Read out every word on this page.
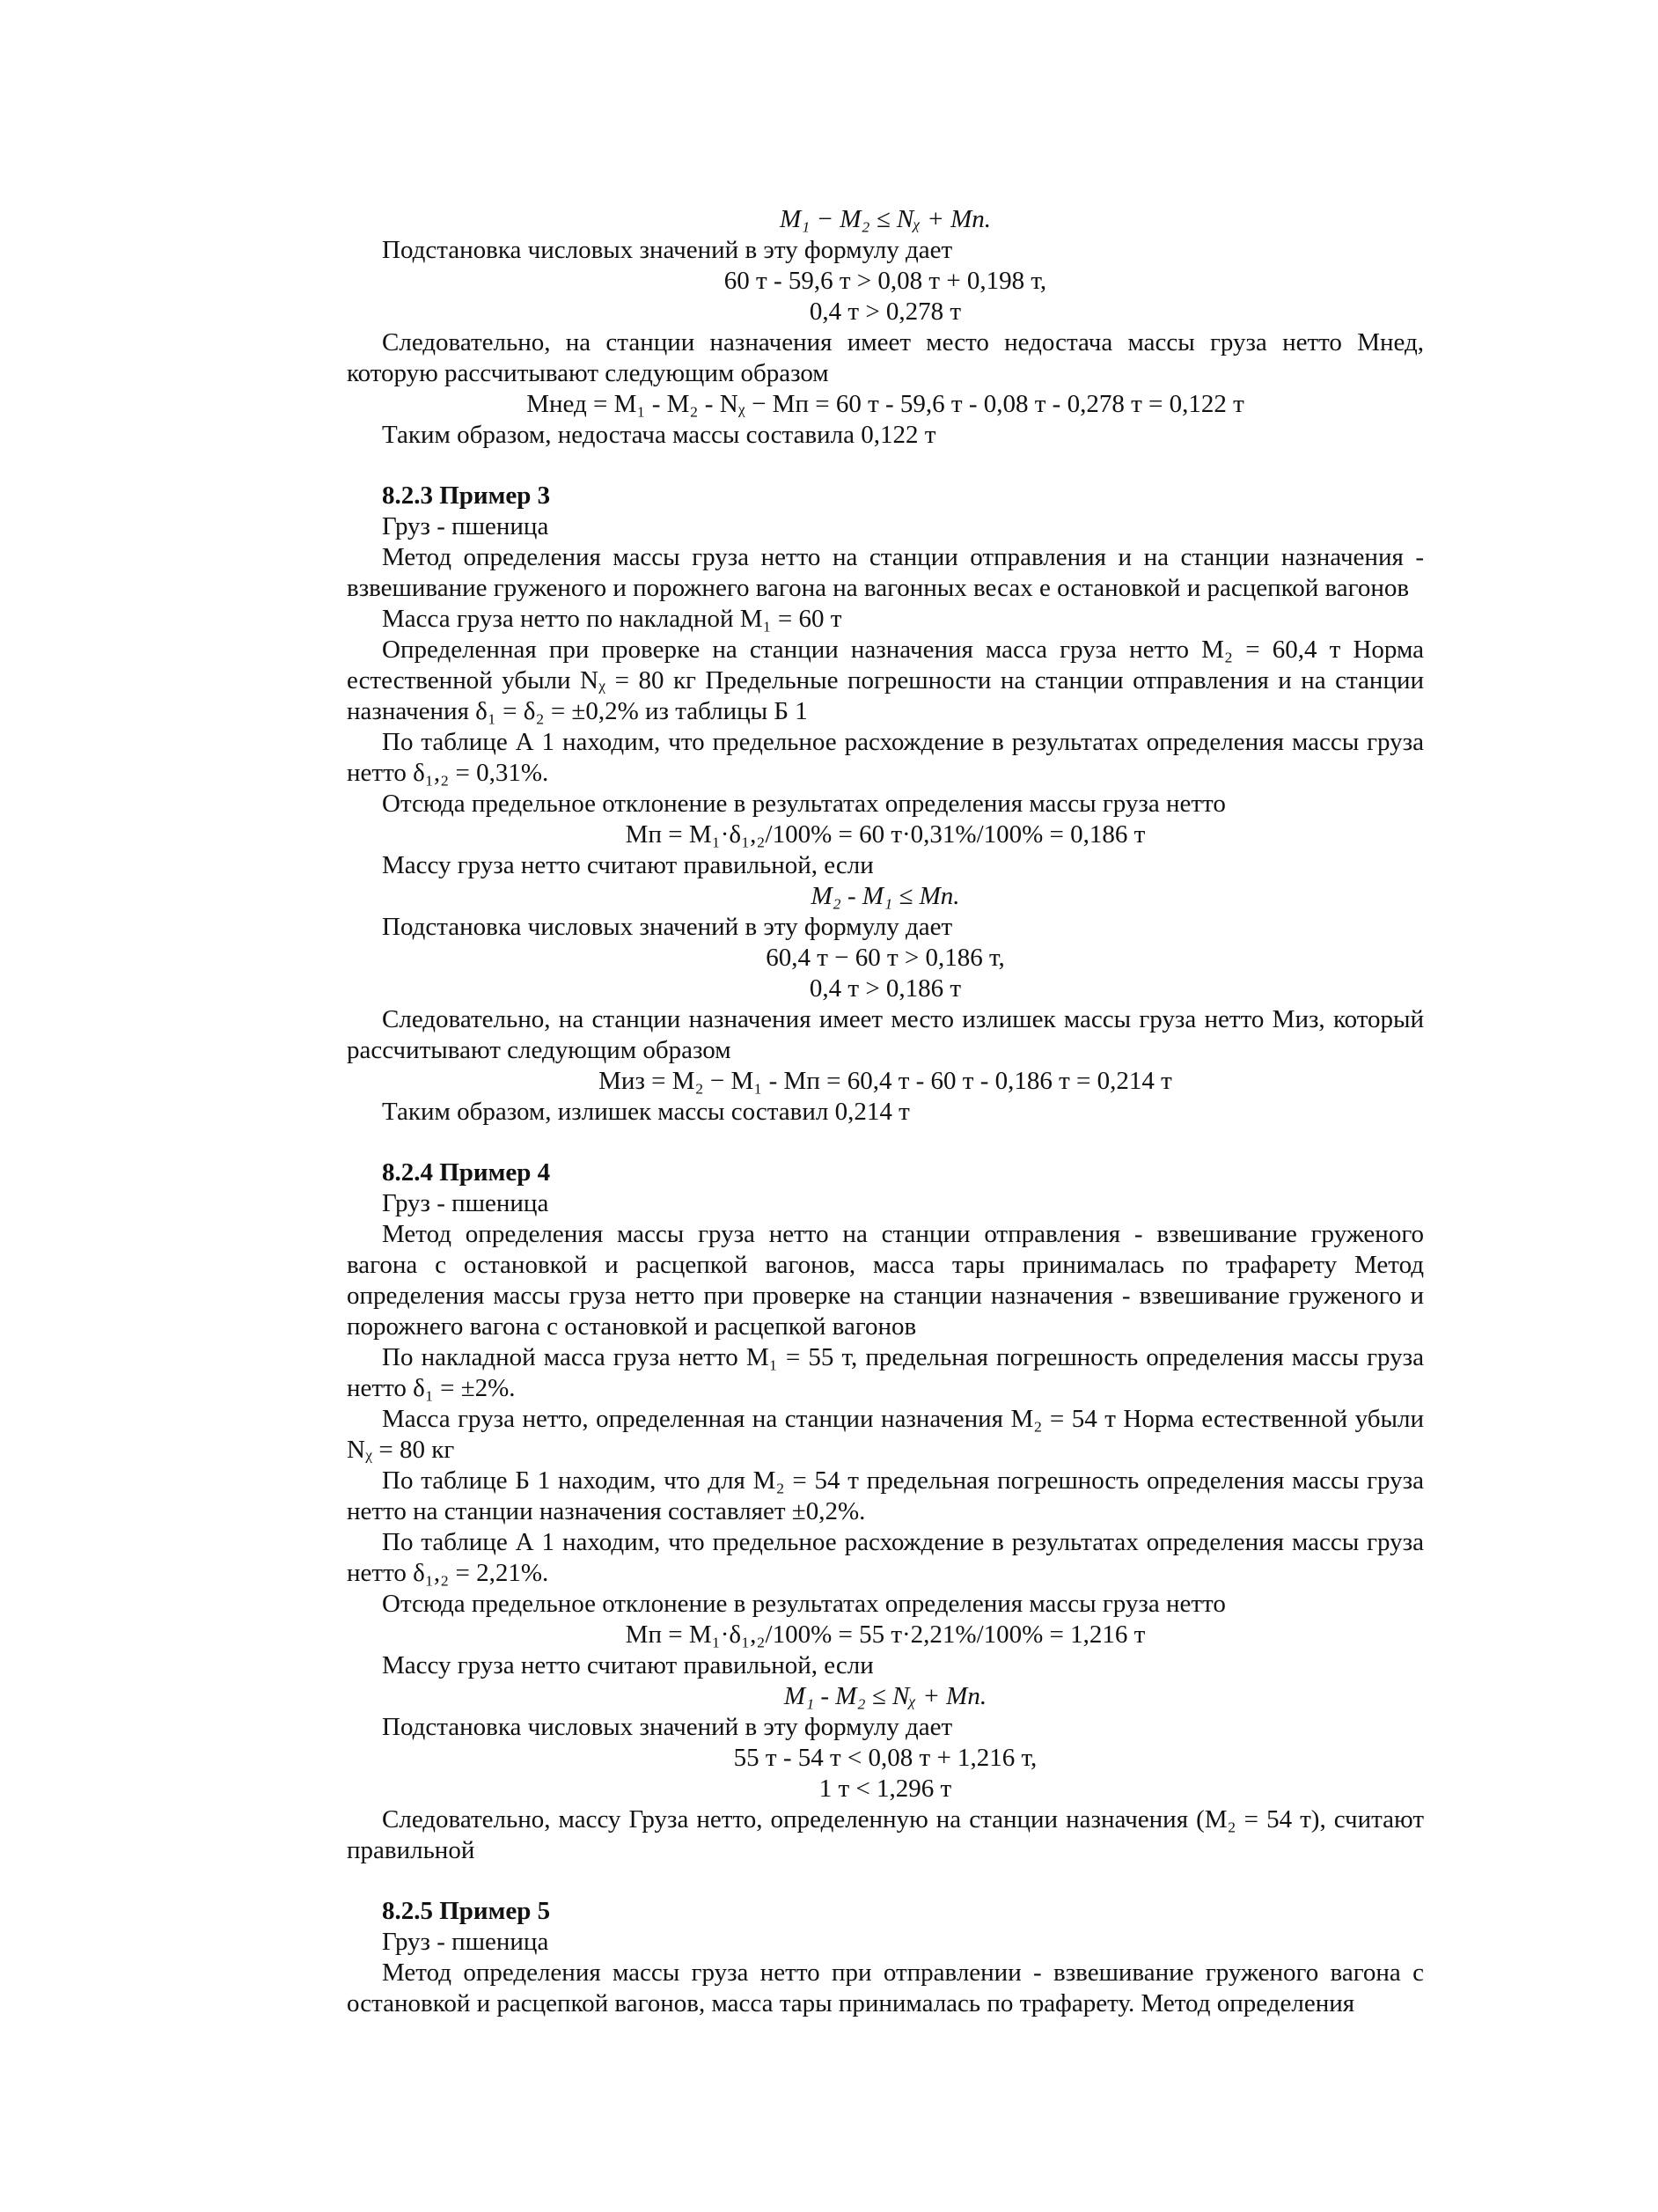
M₁ − M₂ ≤ Nᵪ + Mп.

Подстановка числовых значений в эту формулу дает

60 т - 59,6 т > 0,08 т + 0,198 т,

0,4 т > 0,278 т

Следовательно, на станции назначения имеет место недостача массы груза нетто Mнед, которую рассчитывают следующим образом

Mнед = M₁ - M₂ - Nᵪ − Mп = 60 т - 59,6 т - 0,08 т - 0,278 т = 0,122 т

Таким образом, недостача массы составила 0,122 т

8.2.3 Пример 3

Груз - пшеница

Метод определения массы груза нетто на станции отправления и на станции назначения - взвешивание груженого и порожнего вагона на вагонных весах е остановкой и расцепкой вагонов

Масса груза нетто по накладной M₁ = 60 т

Определенная при проверке на станции назначения масса груза нетто M₂ = 60,4 т Норма естественной убыли Nᵪ = 80 кг Предельные погрешности на станции отправления и на станции назначения δ₁ = δ₂ = ±0,2% из таблицы Б 1

По таблице А 1 находим, что предельное расхождение в результатах определения массы груза нетто δ₁,₂ = 0,31%.

Отсюда предельное отклонение в результатах определения массы груза нетто

Mп = M₁·δ₁,₂/100% = 60 т·0,31%/100% = 0,186 т

Массу груза нетто считают правильной, если

M₂ - M₁ ≤ Mп.

Подстановка числовых значений в эту формулу дает

60,4 т − 60 т > 0,186 т,

0,4 т > 0,186 т

Следовательно, на станции назначения имеет место излишек массы груза нетто Mиз, который рассчитывают следующим образом

Mиз = M₂ − M₁ - Mп = 60,4 т - 60 т - 0,186 т = 0,214 т

Таким образом, излишек массы составил 0,214 т

8.2.4 Пример 4

Груз - пшеница

Метод определения массы груза нетто на станции отправления - взвешивание груженого вагона с остановкой и расцепкой вагонов, масса тары принималась по трафарету Метод определения массы груза нетто при проверке на станции назначения - взвешивание груженого и порожнего вагона с остановкой и расцепкой вагонов

По накладной масса груза нетто M₁ = 55 т, предельная погрешность определения массы груза нетто δ₁ = ±2%.

Масса груза нетто, определенная на станции назначения M₂ = 54 т Норма естественной убыли Nᵪ = 80 кг

По таблице Б 1 находим, что для M₂ = 54 т предельная погрешность определения массы груза нетто на станции назначения составляет ±0,2%.

По таблице А 1 находим, что предельное расхождение в результатах определения массы груза нетто δ₁,₂ = 2,21%.

Отсюда предельное отклонение в результатах определения массы груза нетто

Mп = M₁·δ₁,₂/100% = 55 т·2,21%/100% = 1,216 т

Массу груза нетто считают правильной, если

M₁ - M₂ ≤ Nᵪ + Mп.

Подстановка числовых значений в эту формулу дает

55 т - 54 т < 0,08 т + 1,216 т,

1 т < 1,296 т

Следовательно, массу Груза нетто, определенную на станции назначения (M₂ = 54 т), считают правильной

8.2.5 Пример 5

Груз - пшеница

Метод определения массы груза нетто при отправлении - взвешивание груженого вагона с остановкой и расцепкой вагонов, масса тары принималась по трафарету. Метод определения
